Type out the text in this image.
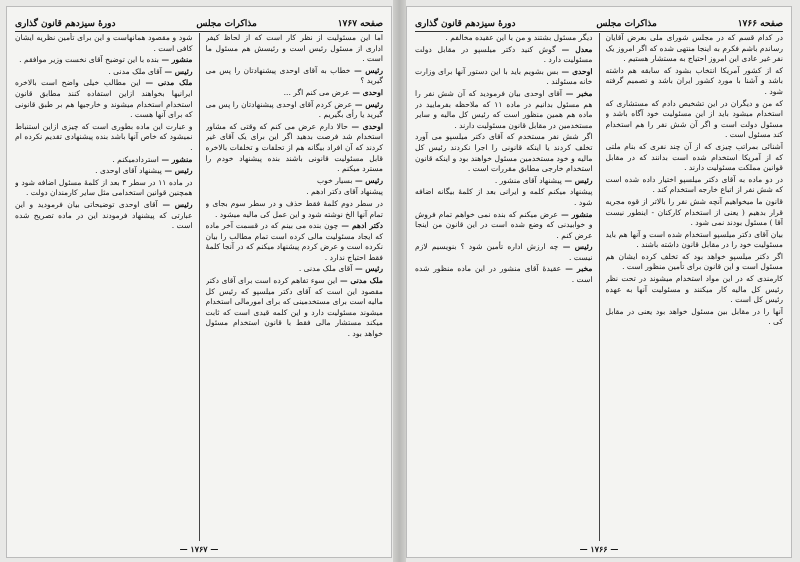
صفحه ۱۷۶۷
مذاکرات مجلس
دورهٔ سیزدهم قانون گذاری

اما این مسئولیت از نظر کار است که از لحاظ کیفر اداری از مسئول رئیس است و رئیسش هم مسئول ما است .

رئیس — خطاب به آقای اوحدی پیشنهادتان را پس می گیرید ؟

اوحدی — عرض می کنم اگر ...

رئیس — عرض کردم آقای اوحدی پیشنهادتان را پس می گیرید یا رأی بگیریم .

اوحدی — حالا دارم عرض می کنم که وقتی که مشاور استخدام شد فرصت بدهید اگر این برای یک آقای غیر کردند که آن افراد بیگانه هم از تحلفات و تخلفات بالاخره قابل مسئولیت قانونی باشند بنده پیشنهاد خودم را مسترد میکنم .

رئیس — بسیار خوب

پیشنهاد آقای دکتر ادهم .

در سطر دوم کلمهٔ فقط حذف و در سطر سوم بجای و تمام آنها الخ نوشته شود و این عمل کی مالیه میشود .

دکتر ادهم — چون بنده می بینم که در قسمت آخر ماده که ایجاد مسئولیت مالی کرده است تمام مطالب را بیان نکرده است و عرض کردم پیشنهاد میکنم که در آنجا کلمهٔ فقط احتیاج ندارد .

رئیس — آقای ملک مدنی .

ملک مدنی — این سوء تفاهم کرده است برای آقای دکتر مقصود این است که آقای دکتر میلسپو که رئیس کل مالیه است برای مستخدمینی که برای امورمالی استخدام میشوند مسئولیت دارد و این کلمه قیدی است که ثابت میکند مستشار مالی فقط با قانون استخدام مسئول خواهد بود .

شود و مقصود همانهاست و این برای تأمین نظریه ایشان کافی است .

منشور — بنده با این توضیح آقای نخست وزیر موافقم .

رئیس — آقای ملک مدنی .

ملک مدنی — این مطالب خیلی واضح است بالاخره ایرانیها بخواهند ازاین استفاده کنند مطابق قانون استخدام استخدام میشوند و خارجیها هم بر طبق قانونی که برای آنها هست .

و عبارت این ماده بطوری است که چیزی ازاین استنباط نمیشود که خاص آنها باشد بنده پیشنهادی تقدیم نکرده ام .

منشور — استردادمیکنم .

رئیس — پیشنهاد آقای اوحدی .

در ماده ۱۱ در سطر ۳ بعد از کلمهٔ مسئول اضافه شود و همچنین قوانین استخدامی مثل سایر کارمندان دولت .

رئیس — آقای اوحدی توضیحاتی بیان فرمودید و این عبارتی که پیشنهاد فرمودند این در ماده تصریح شده است .

— ۱۷۶۷ —
صفحه ۱۷۶۶
مذاکرات مجلس
دورهٔ سیزدهم قانون گذاری

در کدام قسم که در مجلس شورای ملی بعرض آقایان رساندم باشم فکرم به اینجا منتهی شده که اگر امروز یک نفر غیر عادی این امروز احتیاج به مستشار هستیم .

که از کشور آمریکا انتخاب بشود که سابقه هم داشته باشد و آشنا با مورد کشور ایران باشد و تصمیم گرفته شود .

که من و دیگران در این تشخیص دادم که مستشاری که استخدام میشود باید از این مسئولیت خود آگاه باشد و مسئول دولت است و اگر آن شش نفر را هم استخدام کند مسئول است .

آشنائی بمراتب چیزی که از آن چند نفری که بنام ملتی که از آمریکا استخدام شده است بدانند که در مقابل قوانین مملکت مسئولیت دارند .

در دو ماده به آقای دکتر میلسپو اختیار داده شده است که شش نفر از اتباع خارجه استخدام کند .

قانون ما میخواهیم آنچه شش نفر را بالاتر از قوه مجریه قرار بدهیم ( یعنی از استخدام کارکنان - اینطور نیست آقا ) مسئول بودند نمی شود .

بیان آقای دکتر میلسپو استخدام شده است و آنها هم باید مسئولیت خود را در مقابل قانون داشته باشند .

اگر دکتر میلسپو خواهد بود که تخلف کرده ایشان هم مسئول است و این قانون برای تأمین منظور است .

کارمندی که در این مواد استخدام میشوند در تحت نظر رئیس کل مالیه کار میکنند و مسئولیت آنها به عهده رئیس کل است .

آنها را در مقابل بین مسئول خواهد بود یعنی در مقابل کی .

دیگر مسئول بشتند و من با این عقیده مخالفم .

معدل — گوش کنید دکتر میلسپو در مقابل دولت مسئولیت دارد .

اوحدی — بس بشویم باید با این دستور آنها برای وزارت خانه مسئولند .

مخبر — آقای اوحدی بیان فرمودید که آن شش نفر را هم مسئول بدانیم در ماده ۱۱ که ملاحظه بفرمایید در ماده هم همین منظور است که رئیس کل مالیه و سایر مستخدمین در مقابل قانون مسئولیت دارند .

اگر شش نفر مستخدم که آقای دکتر میلسپو می آورد تخلف کردند یا اینکه قانونی را اجرا نکردند رئیس کل مالیه و خود مستخدمین مسئول خواهند بود و اینکه قانون استخدام خارجی مطابق مقررات است .

رئیس — پیشنهاد آقای منشور .

پیشنهاد میکنم کلمه و ایرانی بعد از کلمهٔ بیگانه اضافه شود .

منشور — عرض میکنم که بنده نمی خواهم تمام فروش و خوابیدنی که وضع شده است در این قانون من اینجا عرض کنم .

رئیس — چه ارزش اداره تأمین شود ؟ بنویسیم لازم نیست .

مخبر — عقیدهٔ آقای منشور در این ماده منظور شده است .

— ۱۷۶۶ —
